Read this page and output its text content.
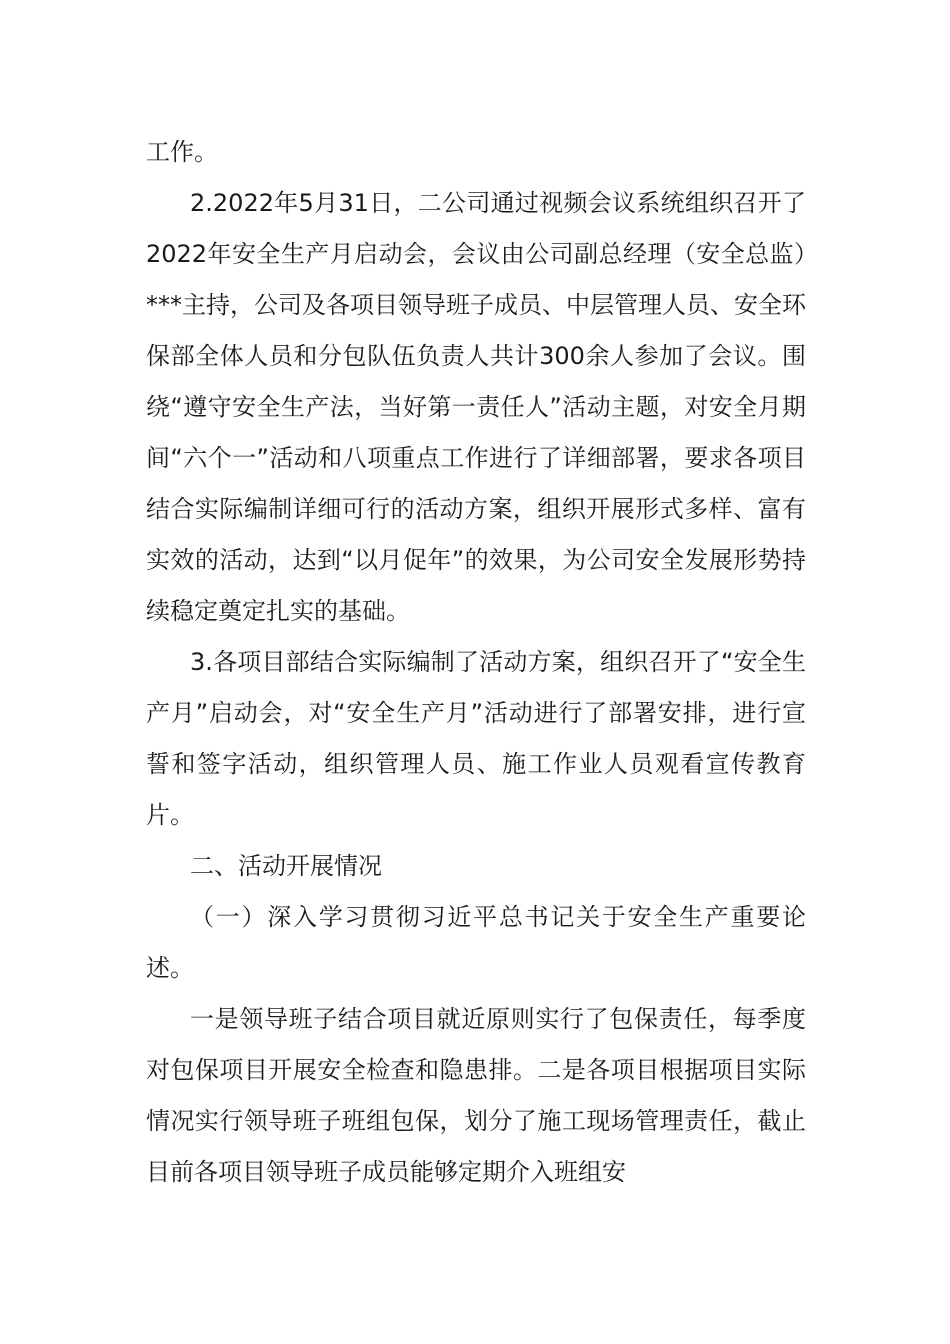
工作。

2.2022年5月31日，二公司通过视频会议系统组织召开了2022年安全生产月启动会，会议由公司副总经理（安全总监）***主持，公司及各项目领导班子成员、中层管理人员、安全环保部全体人员和分包队伍负责人共计300余人参加了会议。围绕“遵守安全生产法，当好第一责任人”活动主题，对安全月期间“六个一”活动和八项重点工作进行了详细部署，要求各项目结合实际编制详细可行的活动方案，组织开展形式多样、富有实效的活动，达到“以月促年”的效果，为公司安全发展形势持续稳定奠定扎实的基础。

3.各项目部结合实际编制了活动方案，组织召开了“安全生产月”启动会，对“安全生产月”活动进行了部署安排，进行宣誓和签字活动，组织管理人员、施工作业人员观看宣传教育片。

二、活动开展情况

（一）深入学习贯彻习近平总书记关于安全生产重要论述。

一是领导班子结合项目就近原则实行了包保责任，每季度对包保项目开展安全检查和隐患排。二是各项目根据项目实际情况实行领导班子班组包保，划分了施工现场管理责任，截止目前各项目领导班子成员能够定期介入班组安
